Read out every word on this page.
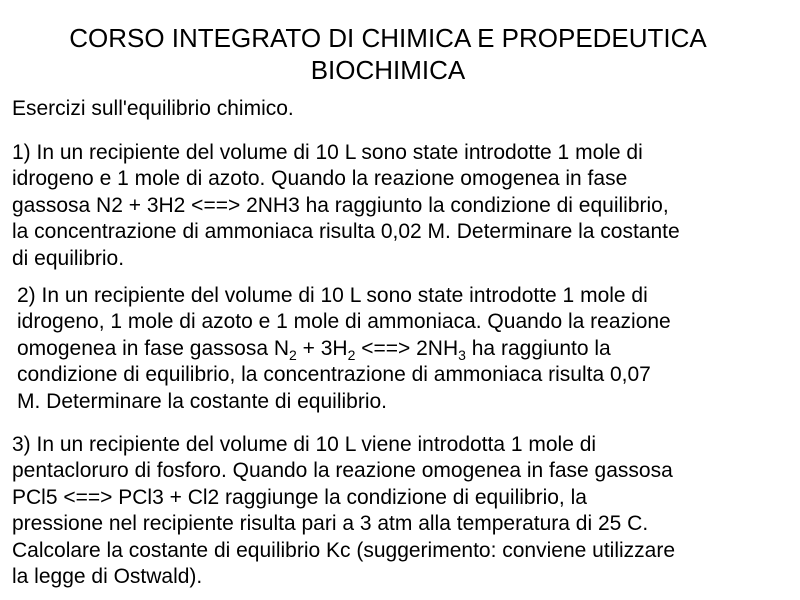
CORSO INTEGRATO DI CHIMICA E PROPEDEUTICA
BIOCHIMICA
Esercizi sull'equilibrio chimico.
1) In un recipiente del volume di 10 L sono state introdotte 1 mole di
idrogeno e 1 mole di azoto. Quando la reazione omogenea in fase
gassosa N2 + 3H2 <==> 2NH3 ha raggiunto la condizione di equilibrio,
la concentrazione di ammoniaca risulta 0,02 M. Determinare la costante
di equilibrio.
2) In un recipiente del volume di 10 L sono state introdotte 1 mole di
idrogeno, 1 mole di azoto e 1 mole di ammoniaca. Quando la reazione
omogenea in fase gassosa $N_2 + 3H_2$ <==> $2NH_3$ ha raggiunto la
condizione di equilibrio, la concentrazione di ammoniaca risulta 0,07
M. Determinare la costante di equilibrio.
3) In un recipiente del volume di 10 L viene introdotta 1 mole di
pentacloruro di fosforo. Quando la reazione omogenea in fase gassosa
PCl5 <==> PCl3 + Cl2 raggiunge la condizione di equilibrio, la
pressione nel recipiente risulta pari a 3 atm alla temperatura di 25 C.
Calcolare la costante di equilibrio Kc (suggerimento: conviene utilizzare
la legge di Ostwald).
